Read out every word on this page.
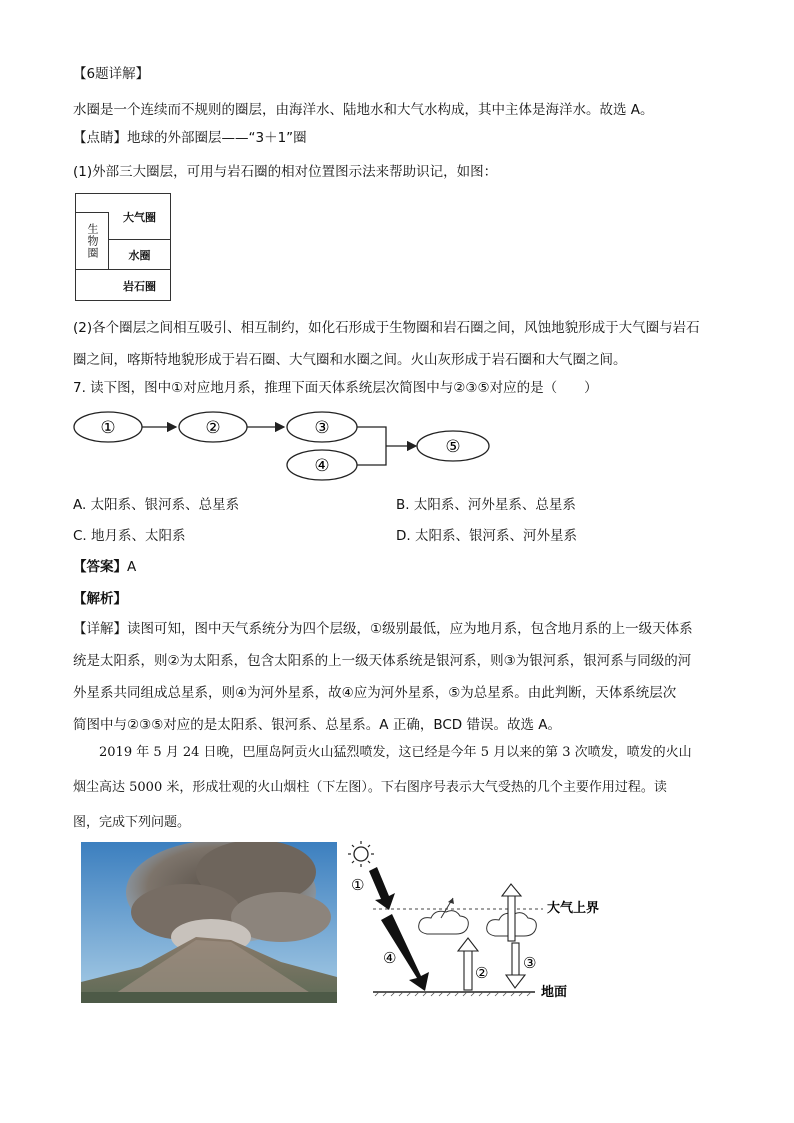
【6题详解】
水圈是一个连续而不规则的圈层，由海洋水、陆地水和大气水构成，其中主体是海洋水。故选 A。
【点睛】地球的外部圈层——“3＋1”圈
(1)外部三大圈层，可用与岩石圈的相对位置图示法来帮助识记，如图：
生物圈
大气圈
水圈
岩石圈

(2)各个圈层之间相互吸引、相互制约，如化石形成于生物圈和岩石圈之间，风蚀地貌形成于大气圈与岩石

圈之间，喀斯特地貌形成于岩石圈、大气圈和水圈之间。火山灰形成于岩石圈和大气圈之间。

7. 读下图，图中①对应地月系，推理下面天体系统层次简图中与②③⑤对应的是（　　）
①	②	③
④
⑤
A. 太阳系、银河系、总星系	B. 太阳系、河外星系、总星系
C. 地月系、太阳系	D. 太阳系、银河系、河外星系
【答案】A
【解析】

【详解】读图可知，图中天气系统分为四个层级，①级别最低，应为地月系，包含地月系的上一级天体系

统是太阳系，则②为太阳系，包含太阳系的上一级天体系统是银河系，则③为银河系，银河系与同级的河

外星系共同组成总星系，则④为河外星系，故④应为河外星系，⑤为总星系。由此判断，天体系统层次

简图中与②③⑤对应的是太阳系、银河系、总星系。A 正确，BCD 错误。故选 A。

　　2019 年 5 月 24 日晚，巴厘岛阿贡火山猛烈喷发，这已经是今年 5 月以来的第 3 次喷发，喷发的火山

烟尘高达 5000 米，形成壮观的火山烟柱（下左图）。下右图序号表示大气受热的几个主要作用过程。读

图，完成下列问题。

①
大气上界
②
③
④
地面
